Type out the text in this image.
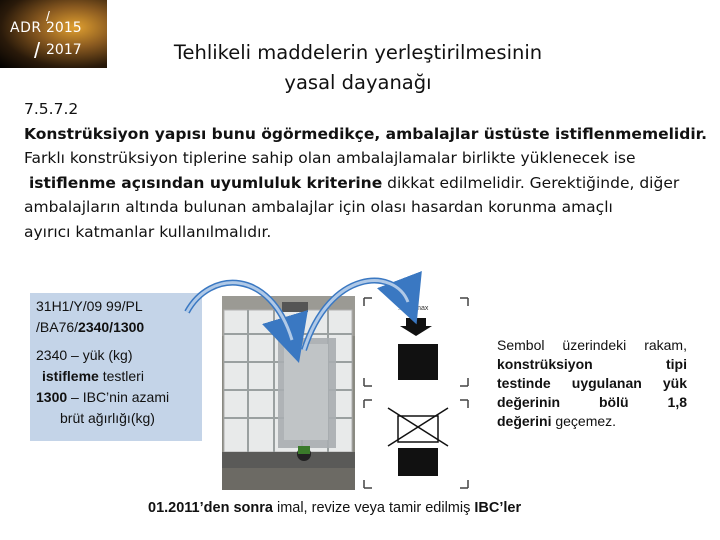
ADR
/
2015
/ 2017	Tehlikeli maddelerin yerleştirilmesinin
yasal dayanağı
7.5.7.2
Konstrüksiyon yapısı bunu ögörmedikçe, ambalajlar üstüste istiflenmemelidir.
Farklı konstrüksiyon tiplerine sahip olan ambalajlamalar birlikte yüklenecek ise
istiflenme açısından uyumluluk kriterine dikkat edilmelidir. Gerektiğinde, diğer
ambalajların altında bulunan ambalajlar için olası hasardan korunma amaçlı
ayırıcı katmanlar kullanılmalıdır.
31H1/Y/09 99/PL
/BA76/2340/1300
2340 – yük (kg)
istifleme testleri
1300 – IBC’nin azami
brüt ağırlığı(kg)
... kg max
Sembol üzerindeki rakam,
konstrüksiyon tipi
testinde uygulanan yük
değerinin bölü 1,8
değerini geçemez.
01.2011’den sonra imal, revize veya tamir edilmiş IBC’ler
